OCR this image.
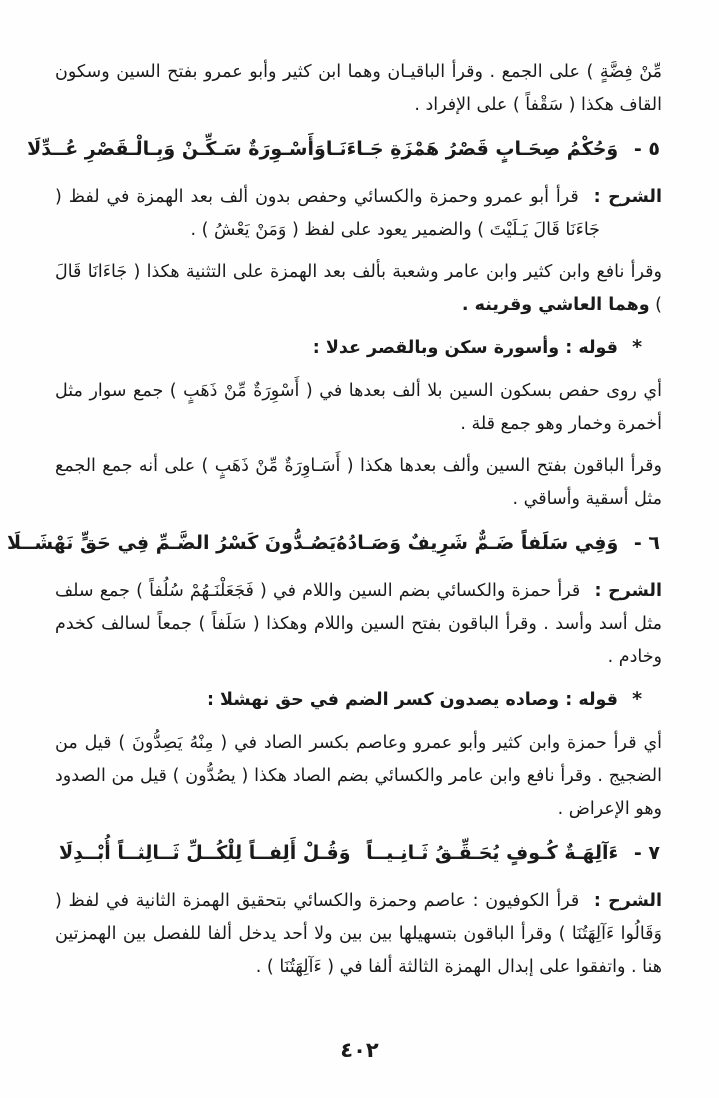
مِّنْ فِضَّةٍ ) على الجمع . وقرأ الباقيـان وهما ابن كثير وأبو عمرو بفتح السين وسكون القاف هكذا ( سَقْفاً ) على الإفراد .

٥ - وَحُكْمُ صِحَـابٍ قَصْرُ هَمْزَةِ جَـاءَنَـا
وَأَسْـوِرَةٌ سَـكِّـنْ وَبِـالْـقَصْرِ عُــدِّلَا

الشرح : قرأ أبو عمرو وحمزة والكسائي وحفص بدون ألف بعد الهمزة في لفظ ( جَاءَنَا قَالَ يَـلَيْتَ ) والضمير يعود على لفظ ( وَمَنْ يَعْشُ ) .

وقرأ نافع وابن كثير وابن عامر وشعبة بألف بعد الهمزة على التثنية هكذا ( جَاءَانَا قَالَ ) وهما العاشي وقرينه .

* قوله : وأسورة سكن وبالقصر عدلا :

أي روى حفص بسكون السين بلا ألف بعدها في ( أَسْوِرَةٌ مِّنْ ذَهَبٍ ) جمع سوار مثل أخمرة وخمار وهو جمع قلة .

وقرأ الباقون بفتح السين وألف بعدها هكذا ( أَسَـاوِرَةٌ مِّنْ ذَهَبٍ ) على أنه جمع الجمع مثل أسقية وأساقي .

٦ - وَفِي سَلَفاً ضَـمٌّ شَرِيفٌ وَصَـادُهُ
يَصُـدُّونَ كَسْرُ الضَّـمِّ فِي حَقٍّ نَهْشَــلَا

الشرح : قرأ حمزة والكسائي بضم السين واللام في ( فَجَعَلْنَـهُمْ سُلُفاً ) جمع سلف مثل أسد وأسد . وقرأ الباقون بفتح السين واللام وهكذا ( سَلَفاً ) جمعاً لسالف كخدم وخادم .

* قوله : وصاده يصدون كسر الضم في حق نهشلا :

أي قرأ حمزة وابن كثير وأبو عمرو وعاصم بكسر الصاد في ( مِنْهُ يَصِدُّونَ ) قيل من الضجيج . وقرأ نافع وابن عامر والكسائي بضم الصاد هكذا ( يصُدُّون ) قيل من الصدود وهو الإعراض .

٧ - ءَآلِهَـةٌ كُـوفٍ يُحَـقِّـقُ ثَـانِـيــاً
وَقُـلْ أَلِفــاً لِلْكُــلِّ ثَــالِثــاً أُبْــدِلَا

الشرح : قرأ الكوفيون : عاصم وحمزة والكسائي بتحقيق الهمزة الثانية في لفظ ( وَقَالُوا ءَآلِهَتُنَا ) وقرأ الباقون بتسهيلها بين بين ولا أحد يدخل ألفا للفصل بين الهمزتين هنا . واتفقوا على إبدال الهمزة الثالثة ألفا في ( ءَآلِهَتُنَا ) .

٤٠٢
